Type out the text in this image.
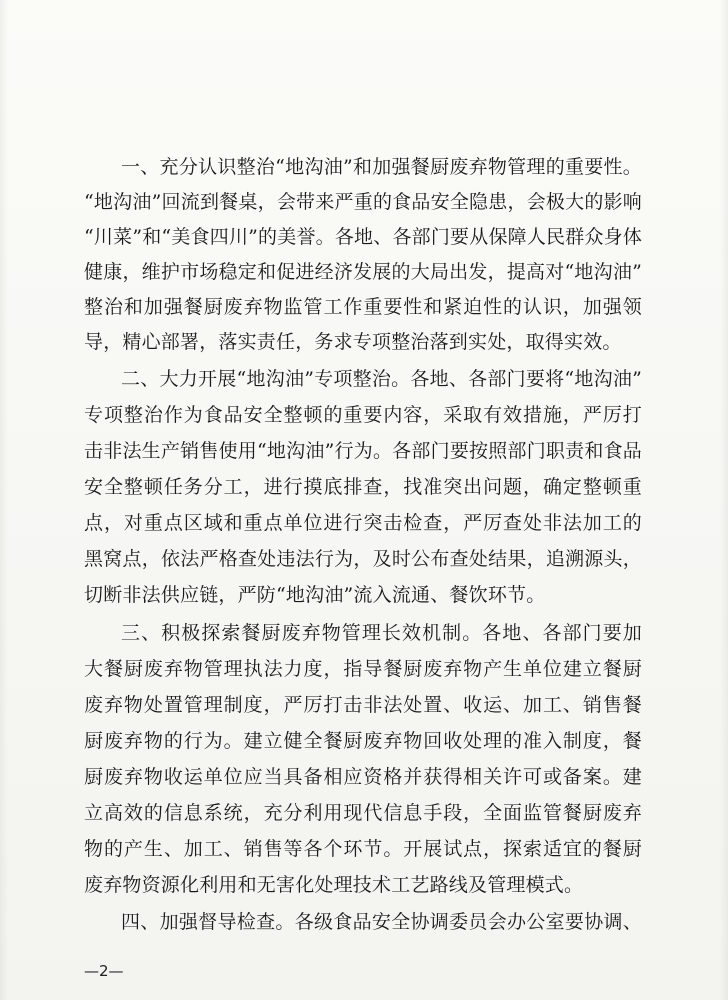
一、充分认识整治“地沟油”和加强餐厨废弃物管理的重要性。
“地沟油”回流到餐桌，会带来严重的食品安全隐患，会极大的影响
“川菜”和“美食四川”的美誉。各地、各部门要从保障人民群众身体
健康，维护市场稳定和促进经济发展的大局出发，提高对“地沟油”
整治和加强餐厨废弃物监管工作重要性和紧迫性的认识，加强领
导，精心部署，落实责任，务求专项整治落到实处，取得实效。
二、大力开展“地沟油”专项整治。各地、各部门要将“地沟油”
专项整治作为食品安全整顿的重要内容，采取有效措施，严厉打
击非法生产销售使用“地沟油”行为。各部门要按照部门职责和食品
安全整顿任务分工，进行摸底排查，找准突出问题，确定整顿重
点，对重点区域和重点单位进行突击检查，严厉查处非法加工的
黑窝点，依法严格查处违法行为，及时公布查处结果，追溯源头，
切断非法供应链，严防“地沟油”流入流通、餐饮环节。
三、积极探索餐厨废弃物管理长效机制。各地、各部门要加
大餐厨废弃物管理执法力度，指导餐厨废弃物产生单位建立餐厨
废弃物处置管理制度，严厉打击非法处置、收运、加工、销售餐
厨废弃物的行为。建立健全餐厨废弃物回收处理的准入制度，餐
厨废弃物收运单位应当具备相应资格并获得相关许可或备案。建
立高效的信息系统，充分利用现代信息手段，全面监管餐厨废弃
物的产生、加工、销售等各个环节。开展试点，探索适宜的餐厨
废弃物资源化利用和无害化处理技术工艺路线及管理模式。
四、加强督导检查。各级食品安全协调委员会办公室要协调、
—2—
